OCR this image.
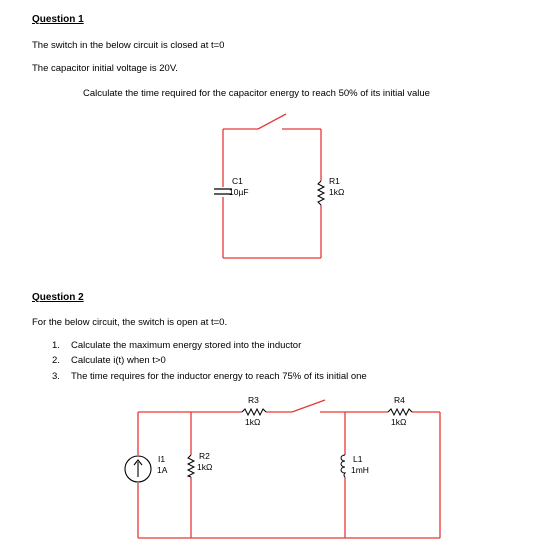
Question 1
The switch in the below circuit is closed at t=0
The capacitor initial voltage is 20V.
Calculate the time required for the capacitor energy to reach 50% of its initial value
C1
10µF
R1
1kΩ
Question 2
For the below circuit, the switch is open at t=0.
1. Calculate the maximum energy stored into the inductor
2. Calculate i(t) when t>0
3. The time requires for the inductor energy to reach 75% of its initial one
R3
1kΩ
R4
1kΩ
I1
1A
R2
1kΩ
L1
1mH
